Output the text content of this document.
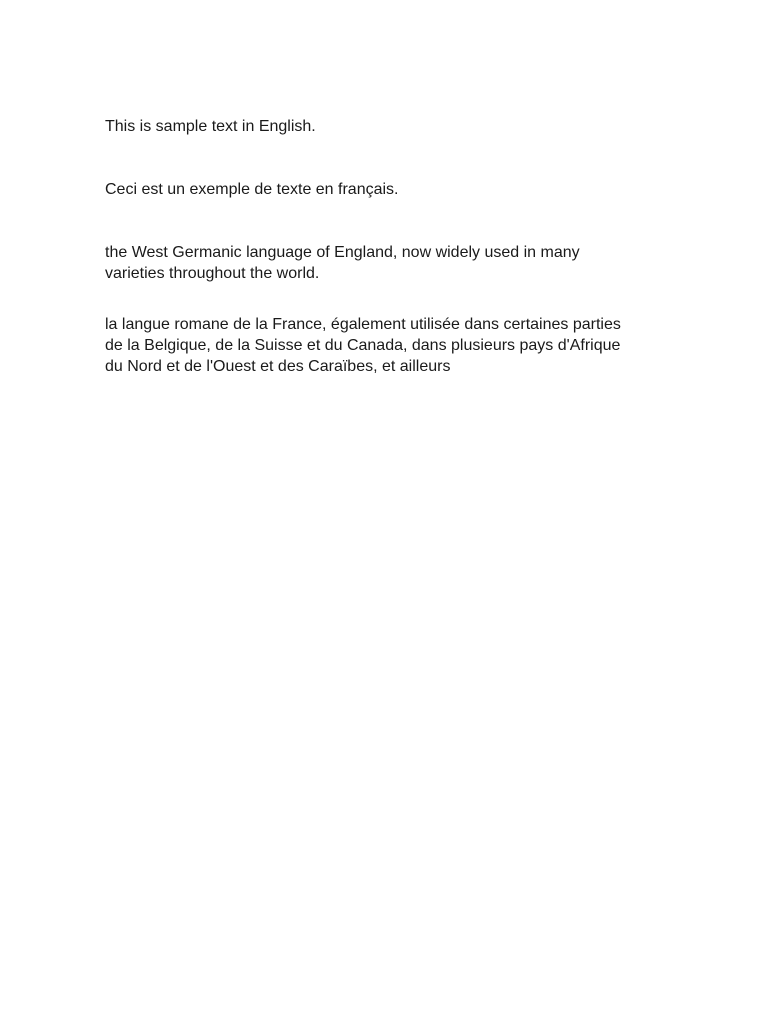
This is sample text in English.

Ceci est un exemple de texte en français.

the West Germanic language of England, now widely used in many
varieties throughout the world.

la langue romane de la France, également utilisée dans certaines parties
de la Belgique, de la Suisse et du Canada, dans plusieurs pays d'Afrique
du Nord et de l'Ouest et des Caraïbes, et ailleurs
